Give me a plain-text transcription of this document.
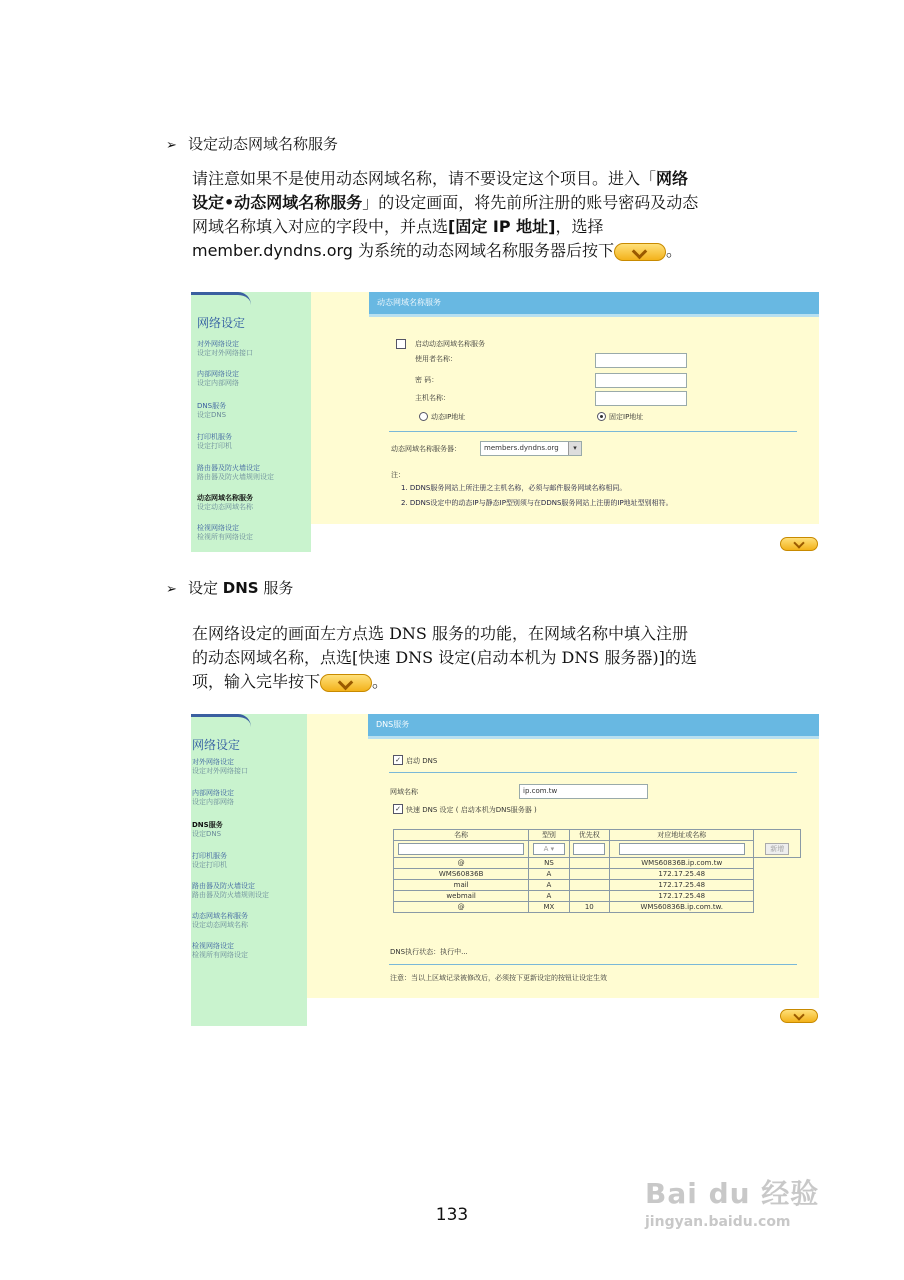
➢ 设定动态网域名称服务
请注意如果不是使用动态网域名称，请不要设定这个项目。进入「网络
设定•动态网域名称服务」的设定画面，将先前所注册的账号密码及动态
网域名称填入对应的字段中，并点选[固定 IP 地址]，选择
member.dyndns.org 为系统的动态网域名称服务器后按下	。
网络设定
对外网络设定
设定对外网络接口
内部网络设定
设定内部网络
DNS服务
设定DNS
打印机服务
设定打印机
路由器及防火墙设定
路由器及防火墙规则设定
动态网域名称服务
设定动态网域名称
检视网络设定
检视所有网络设定
动态网域名称服务
启动动态网域名称服务
使用者名称：
密 码：
主机名称：
动态IP地址	固定IP地址
动态网域名称服务器：	members.dyndns.org	▾
注：
1. DDNS服务网站上所注册之主机名称，必须与邮件服务网域名称相同。
2. DDNS设定中的动态IP与静态IP型别须与在DDNS服务网站上注册的IP地址型别相符。
➢ 设定 DNS 服务
在网络设定的画面左方点选 DNS 服务的功能，在网域名称中填入注册
的动态网域名称，点选[快速 DNS 设定(启动本机为 DNS 服务器)]的选
项，输入完毕按下	。
网络设定
对外网络设定
设定对外网络接口
内部网络设定
设定内部网络
DNS服务
设定DNS
打印机服务
设定打印机
路由器及防火墙设定
路由器及防火墙规则设定
动态网域名称服务
设定动态网域名称
检视网络设定
检视所有网络设定
DNS服务
✓ 启动 DNS
网域名称	ip.com.tw
✓ 快速 DNS 设定 ( 启动本机为DNS服务器 )
名称	型别	优先权	对应地址或名称	

	A ▾			新增
@	NS		WMS60836B.ip.com.tw	
WMS60836B	A		172.17.25.48	
mail	A		172.17.25.48	
webmail	A		172.17.25.48	
@	MX	10	WMS60836B.ip.com.tw.	
DNS执行状态：执行中...
注意：当以上区域记录被修改后，必须按下更新设定的按钮让设定生效
133
Bai du 经验
jingyan.baidu.com
